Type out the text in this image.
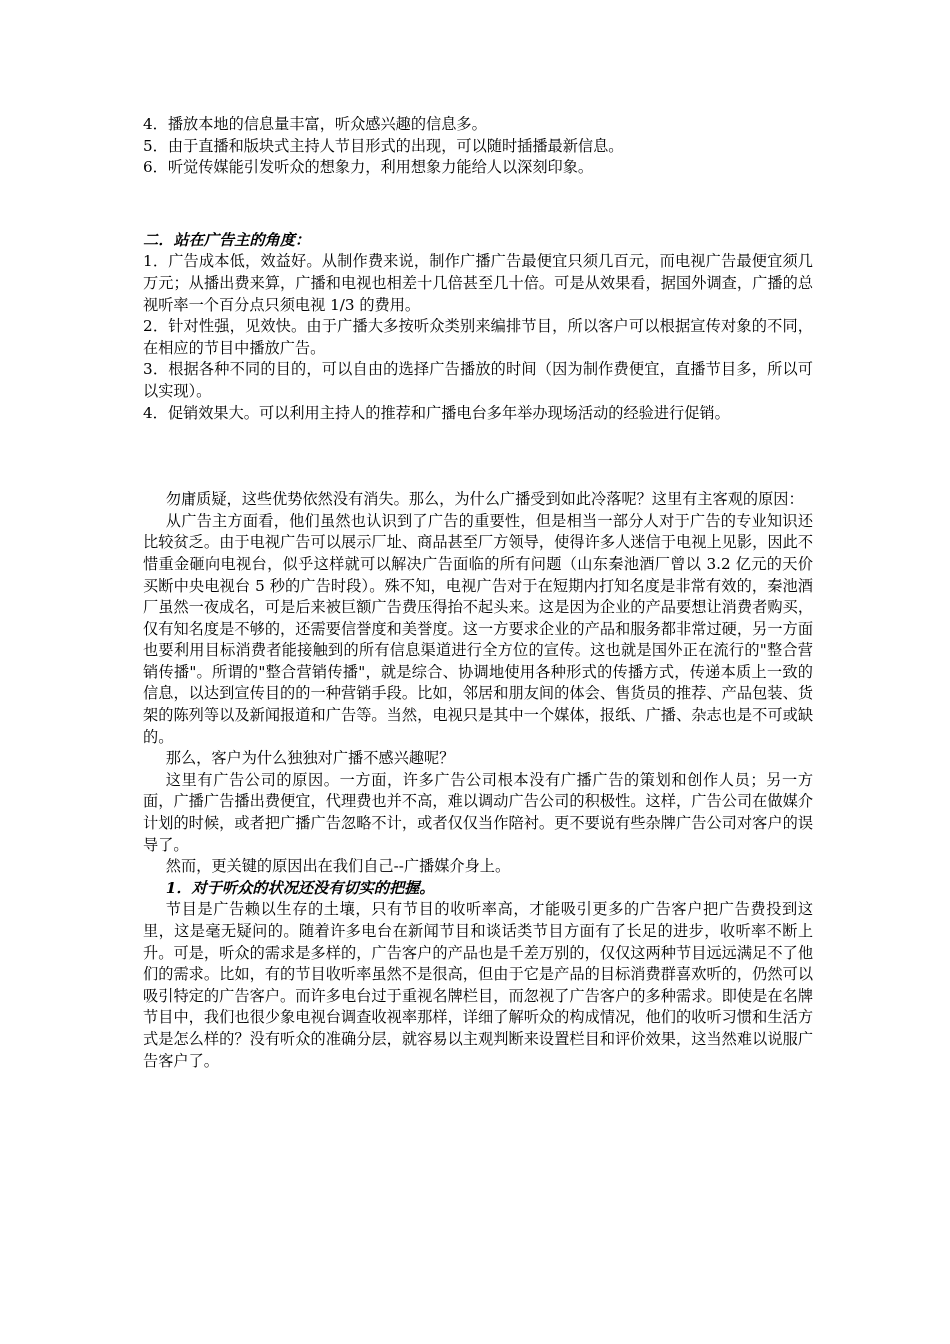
4．播放本地的信息量丰富，听众感兴趣的信息多。

5．由于直播和版块式主持人节目形式的出现，可以随时插播最新信息。

6．听觉传媒能引发听众的想象力，利用想象力能给人以深刻印象。

二．站在广告主的角度：

1．广告成本低，效益好。从制作费来说，制作广播广告最便宜只须几百元，而电视广告最便宜须几万元；从播出费来算，广播和电视也相差十几倍甚至几十倍。可是从效果看，据国外调查，广播的总视听率一个百分点只须电视 1/3 的费用。

2．针对性强，见效快。由于广播大多按听众类别来编排节目，所以客户可以根据宣传对象的不同，在相应的节目中播放广告。

3．根据各种不同的目的，可以自由的选择广告播放的时间（因为制作费便宜，直播节目多，所以可以实现）。

4．促销效果大。可以利用主持人的推荐和广播电台多年举办现场活动的经验进行促销。

勿庸质疑，这些优势依然没有消失。那么，为什么广播受到如此冷落呢？这里有主客观的原因：

从广告主方面看，他们虽然也认识到了广告的重要性，但是相当一部分人对于广告的专业知识还比较贫乏。由于电视广告可以展示厂址、商品甚至厂方领导，使得许多人迷信于电视上见影，因此不惜重金砸向电视台，似乎这样就可以解决广告面临的所有问题（山东秦池酒厂曾以 3.2 亿元的天价买断中央电视台 5 秒的广告时段）。殊不知，电视广告对于在短期内打知名度是非常有效的，秦池酒厂虽然一夜成名，可是后来被巨额广告费压得抬不起头来。这是因为企业的产品要想让消费者购买，仅有知名度是不够的，还需要信誉度和美誉度。这一方要求企业的产品和服务都非常过硬，另一方面也要利用目标消费者能接触到的所有信息渠道进行全方位的宣传。这也就是国外正在流行的"整合营销传播"。所谓的"整合营销传播"，就是综合、协调地使用各种形式的传播方式，传递本质上一致的信息，以达到宣传目的的一种营销手段。比如，邻居和朋友间的体会、售货员的推荐、产品包装、货架的陈列等以及新闻报道和广告等。当然，电视只是其中一个媒体，报纸、广播、杂志也是不可或缺的。

那么，客户为什么独独对广播不感兴趣呢？

这里有广告公司的原因。一方面，许多广告公司根本没有广播广告的策划和创作人员；另一方面，广播广告播出费便宜，代理费也并不高，难以调动广告公司的积极性。这样，广告公司在做媒介计划的时候，或者把广播广告忽略不计，或者仅仅当作陪衬。更不要说有些杂牌广告公司对客户的误导了。

然而，更关键的原因出在我们自己--广播媒介身上。

1．对于听众的状况还没有切实的把握。

节目是广告赖以生存的土壤，只有节目的收听率高，才能吸引更多的广告客户把广告费投到这里，这是毫无疑问的。随着许多电台在新闻节目和谈话类节目方面有了长足的进步，收听率不断上升。可是，听众的需求是多样的，广告客户的产品也是千差万别的，仅仅这两种节目远远满足不了他们的需求。比如，有的节目收听率虽然不是很高，但由于它是产品的目标消费群喜欢听的，仍然可以吸引特定的广告客户。而许多电台过于重视名牌栏目，而忽视了广告客户的多种需求。即使是在名牌节目中，我们也很少象电视台调查收视率那样，详细了解听众的构成情况，他们的收听习惯和生活方式是怎么样的？没有听众的准确分层，就容易以主观判断来设置栏目和评价效果，这当然难以说服广告客户了。
